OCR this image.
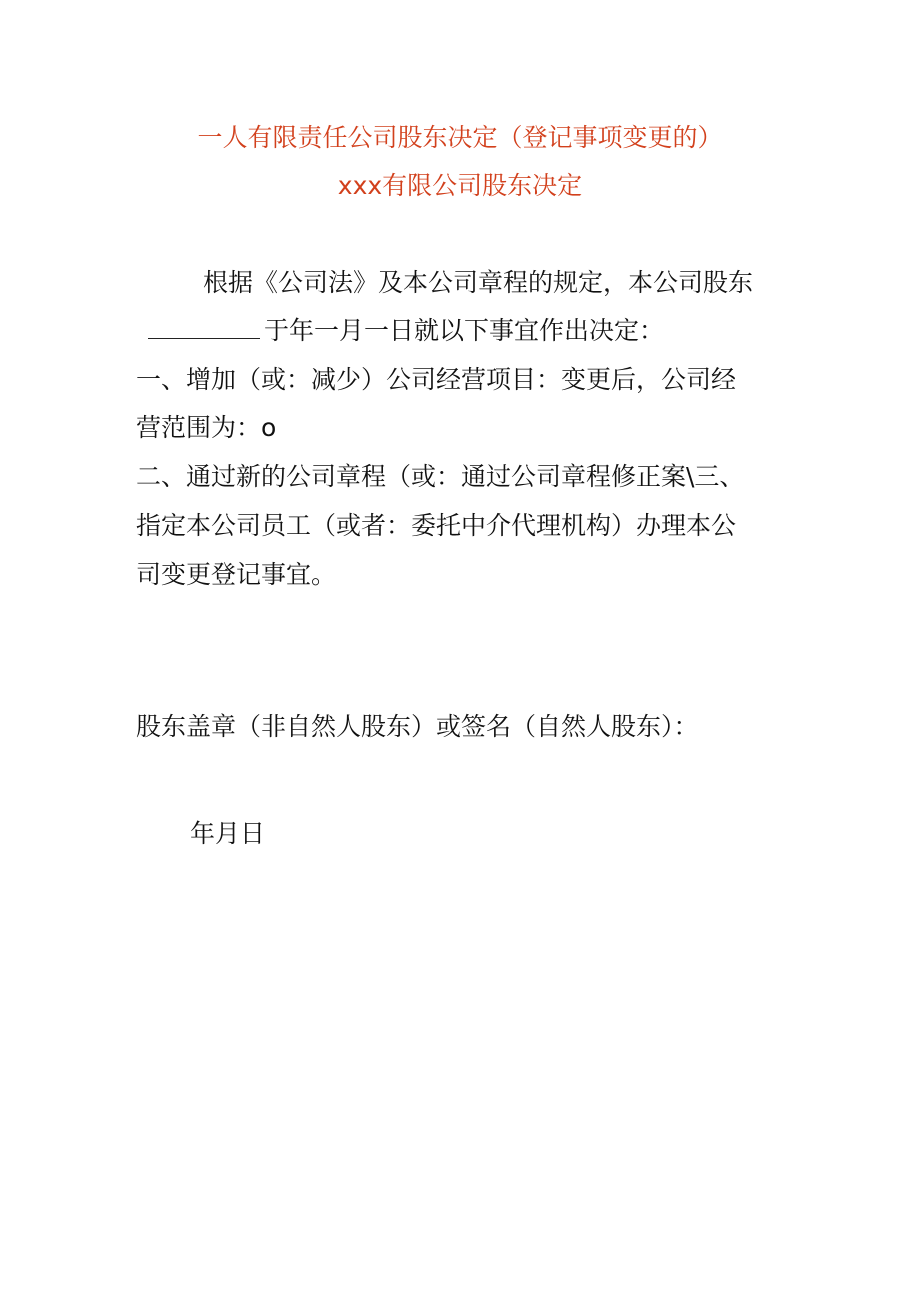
一人有限责任公司股东决定（登记事项变更的）
xxx有限公司股东决定
根据《公司法》及本公司章程的规定，本公司股东
于年一月一日就以下事宜作出决定：
一、增加（或：减少）公司经营项目：变更后，公司经
营范围为：o
二、通过新的公司章程（或：通过公司章程修正案\三、
指定本公司员工（或者：委托中介代理机构）办理本公
司变更登记事宜。
股东盖章（非自然人股东）或签名（自然人股东）：
年月日
